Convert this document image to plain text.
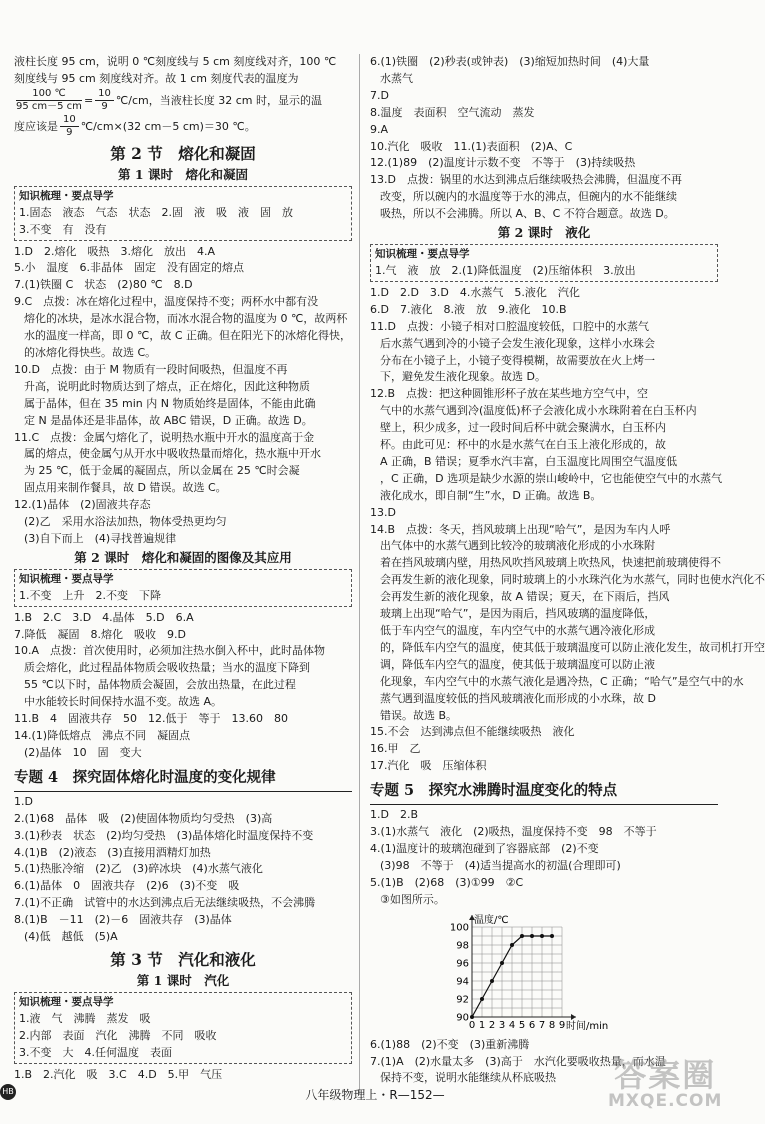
液柱长度 95 cm，说明 0 ℃刻度线与 5 cm 刻度线对齐，100 ℃
刻度线与 95 cm 刻度线对齐。故 1 cm 刻度代表的温度为
$\frac{100 ℃}{95 cm-5 cm} = \frac{10}{9}$ ℃/cm，当液柱长度 32 cm 时，显示的温
度应该是 $\frac{10}{9}$ ℃/cm×(32 cm－5 cm)＝30 ℃。
第 2 节　熔化和凝固
第 1 课时　熔化和凝固
知识梳理・要点导学
1.固态　液态　气态　状态　2.固　液　吸　液　固　放
3.不变　有　没有
1.D　2.熔化　吸热　3.熔化　放出　4.A
5.小　温度　6.非晶体　固定　没有固定的熔点
7.(1)铁圈 C　状态　(2)80 ℃　8.D
9.C　点拨：冰在熔化过程中，温度保持不变；两杯水中都有没
熔化的冰块，是冰水混合物，而冰水混合物的温度为 0 ℃，故两杯
水的温度一样高，即 0 ℃，故 C 正确。但在阳光下的冰熔化得快，
的冰熔化得快些。故选 C。
10.D　点拨：由于 M 物质有一段时间吸热，但温度不再
升高，说明此时物质达到了熔点，正在熔化，因此这种物质
属于晶体，但在 35 min 内 N 物质始终是固体，不能由此确
定 N 是晶体还是非晶体，故 ABC 错误，D 正确。故选 D。
11.C　点拨：金属勺熔化了，说明热水瓶中开水的温度高于金
属的熔点，使金属勺从开水中吸收热量而熔化，热水瓶中开水
为 25 ℃，低于金属的凝固点，所以金属在 25 ℃时会凝
固点用来制作餐具，故 D 错误。故选 C。
12.(1)晶体　(2)固液共存态
(2)乙　采用水浴法加热，物体受热更均匀
(3)自下而上　(4)寻找普遍规律
第 2 课时　熔化和凝固的图像及其应用
知识梳理・要点导学
1.不变　上升　2.不变　下降
1.B　2.C　3.D　4.晶体　5.D　6.A
7.降低　凝固　8.熔化　吸收　9.D
10.A　点拨：首次使用时，必须加注热水倒入杯中，此时晶体物
质会熔化，此过程晶体物质会吸收热量；当水的温度下降到
55 ℃以下时，晶体物质会凝固，会放出热量，在此过程
中水能较长时间保持水温不变。故选 A。
11.B　4　固液共存　50　12.低于　等于　13.60　80
14.(1)降低熔点　沸点不同　凝固点
(2)晶体　10　固　变大
专题 4　探究固体熔化时温度的变化规律
1.D
2.(1)68　晶体　吸　(2)使固体物质均匀受热　(3)高
3.(1)秒表　状态　(2)均匀受热　(3)晶体熔化时温度保持不变
4.(1)B　(2)液态　(3)直接用酒精灯加热
5.(1)热胀冷缩　(2)乙　(3)碎冰块　(4)水蒸气液化
6.(1)晶体　0　固液共存　(2)6　(3)不变　吸
7.(1)不正确　试管中的水达到沸点后无法继续吸热，不会沸腾
8.(1)B　－11　(2)－6　固液共存　(3)晶体
(4)低　越低　(5)A
第 3 节　汽化和液化
第 1 课时　汽化
知识梳理・要点导学
1.液　气　沸腾　蒸发　吸
2.内部　表面　汽化　沸腾　不同　吸收
3.不变　大　4.任何温度　表面
1.B　2.汽化　吸　3.C　4.D　5.甲　气压
6.(1)铁圈　(2)秒表(或钟表)　(3)缩短加热时间　(4)大量
水蒸气
7.D
8.温度　表面积　空气流动　蒸发
9.A
10.汽化　吸收　11.(1)表面积　(2)A、C
12.(1)89　(2)温度计示数不变　不等于　(3)持续吸热
13.D　点拨：锅里的水达到沸点后继续吸热会沸腾，但温度不再
改变，所以碗内的水温度等于水的沸点，但碗内的水不能继续
吸热，所以不会沸腾。所以 A、B、C 不符合题意。故选 D。
第 2 课时　液化
知识梳理・要点导学
1.气　液　放　2.(1)降低温度　(2)压缩体积　3.放出
1.D　2.D　3.D　4.水蒸气　5.液化　汽化
6.D　7.液化　8.液　放　9.液化　10.B
11.D　点拨：小镜子相对口腔温度较低，口腔中的水蒸气
后水蒸气遇到冷的小镜子会发生液化现象，这样小水珠会
分布在小镜子上，小镜子变得模糊，故需要放在火上烤一
下，避免发生液化现象。故选 D。
12.B　点拨：把这种圆锥形杯子放在某些地方空气中，空
气中的水蒸气遇到冷(温度低)杯子会液化成小水珠附着在白玉杯内
壁上，积少成多，过一段时间后杯中就会聚满水，白玉杯内
杯。由此可见：杯中的水是水蒸气在白玉上液化形成的，故
A 正确，B 错误；夏季水汽丰富，白玉温度比周围空气温度低
，C 正确，D 选项是缺少水源的崇山峻岭中，它也能使空气中的水蒸气
液化成水，即自制“生”水，D 正确。故选 B。
13.D
14.B　点拨：冬天，挡风玻璃上出现“哈气”，是因为车内人呼
出气体中的水蒸气遇到比较冷的玻璃液化形成的小水珠附
着在挡风玻璃内壁，用热风吹挡风玻璃上吹热风，快速把前玻璃使得不
会再发生新的液化现象，同时玻璃上的小水珠汽化为水蒸气，同时也使水汽化不
会再发生新的液化现象，故 A 错误；夏天，在下雨后，挡风
玻璃上出现“哈气”，是因为雨后，挡风玻璃的温度降低，
低于车内空气的温度，车内空气中的水蒸气遇冷液化形成
的，降低车内空气的温度，使其低于玻璃温度可以防止液化发生，故司机打开空
调，降低车内空气的温度，使其低于玻璃温度可以防止液
化现象，车内空气中的水蒸气液化是遇冷热，C 正确；“哈气”是空气中的水
蒸气遇到温度较低的挡风玻璃液化而形成的小水珠，故 D
错误。故选 B。
15.不会　达到沸点但不能继续吸热　液化
16.甲　乙
17.汽化　吸　压缩体积
专题 5　探究水沸腾时温度变化的特点
1.D　2.B
3.(1)水蒸气　液化　(2)吸热，温度保持不变　98　不等于
4.(1)温度计的玻璃泡碰到了容器底部　(2)不变
(3)98　不等于　(4)适当提高水的初温(合理即可)
5.(1)B　(2)68　(3)①99　②C
③如图所示。
90
92
94
96
98
100
0 1 2 3 4 5 6 7 8 9
温度/℃
时间/min
6.(1)88　(2)不变　(3)重新沸腾
7.(1)A　(2)水量太多　(3)高于　水汽化要吸收热量，而水温
保持不变，说明水能继续从杯底吸热
HB	八年级物理上・R—152—
答案圈
MXQE.COM
